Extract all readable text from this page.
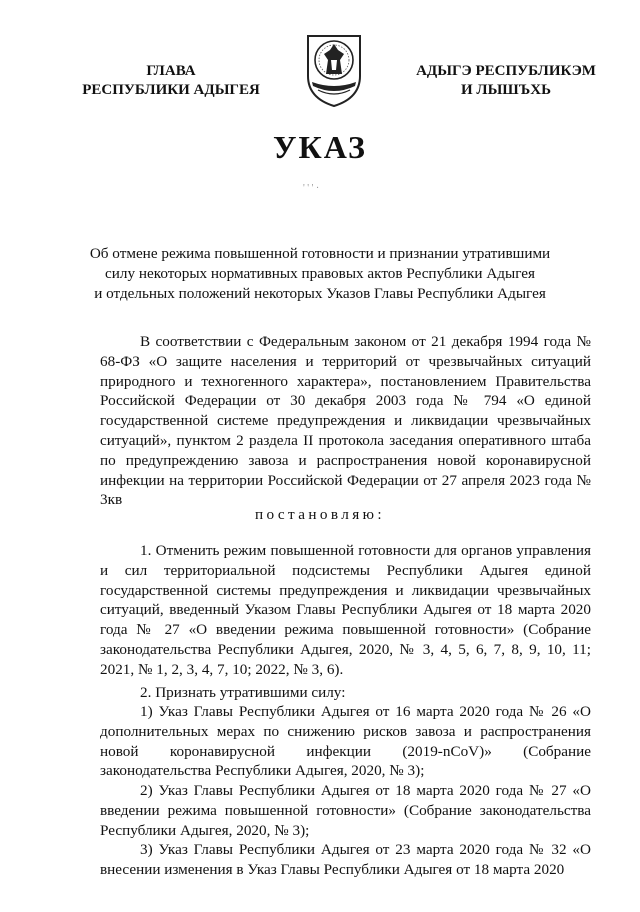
ГЛАВА
РЕСПУБЛИКИ АДЫГЕЯ
АДЫГЭ РЕСПУБЛИКЭМ
И ЛЫШЪХЬ
УКАЗ
' ' ' ·
Об отмене режима повышенной готовности и признании утратившими
силу некоторых нормативных правовых актов Республики Адыгея
и отдельных положений некоторых Указов Главы Республики Адыгея
В соответствии с Федеральным законом от 21 декабря 1994 года № 68-ФЗ «О защите населения и территорий от чрезвычайных ситуаций природного и техногенного характера», постановлением Правительства Российской Федерации от 30 декабря 2003 года № 794 «О единой государственной системе предупреждения и ликвидации чрезвычайных ситуаций», пунктом 2 раздела II протокола заседания оперативного штаба по предупреждению завоза и распространения новой коронавирусной инфекции на территории Российской Федерации от 27 апреля 2023 года № 3кв
постановляю:
1. Отменить режим повышенной готовности для органов управления и сил территориальной подсистемы Республики Адыгея единой государственной системы предупреждения и ликвидации чрезвычайных ситуаций, введенный Указом Главы Республики Адыгея от 18 марта 2020 года № 27 «О введении режима повышенной готовности» (Собрание законодательства Республики Адыгея, 2020, № 3, 4, 5, 6, 7, 8, 9, 10, 11; 2021, № 1, 2, 3, 4, 7, 10; 2022, № 3, 6).
2. Признать утратившими силу:
1) Указ Главы Республики Адыгея от 16 марта 2020 года № 26 «О дополнительных мерах по снижению рисков завоза и распространения новой коронавирусной инфекции (2019-nCoV)» (Собрание законодательства Республики Адыгея, 2020, № 3);
2) Указ Главы Республики Адыгея от 18 марта 2020 года № 27 «О введении режима повышенной готовности» (Собрание законодательства Республики Адыгея, 2020, № 3);
3) Указ Главы Республики Адыгея от 23 марта 2020 года № 32 «О внесении изменения в Указ Главы Республики Адыгея от 18 марта 2020
